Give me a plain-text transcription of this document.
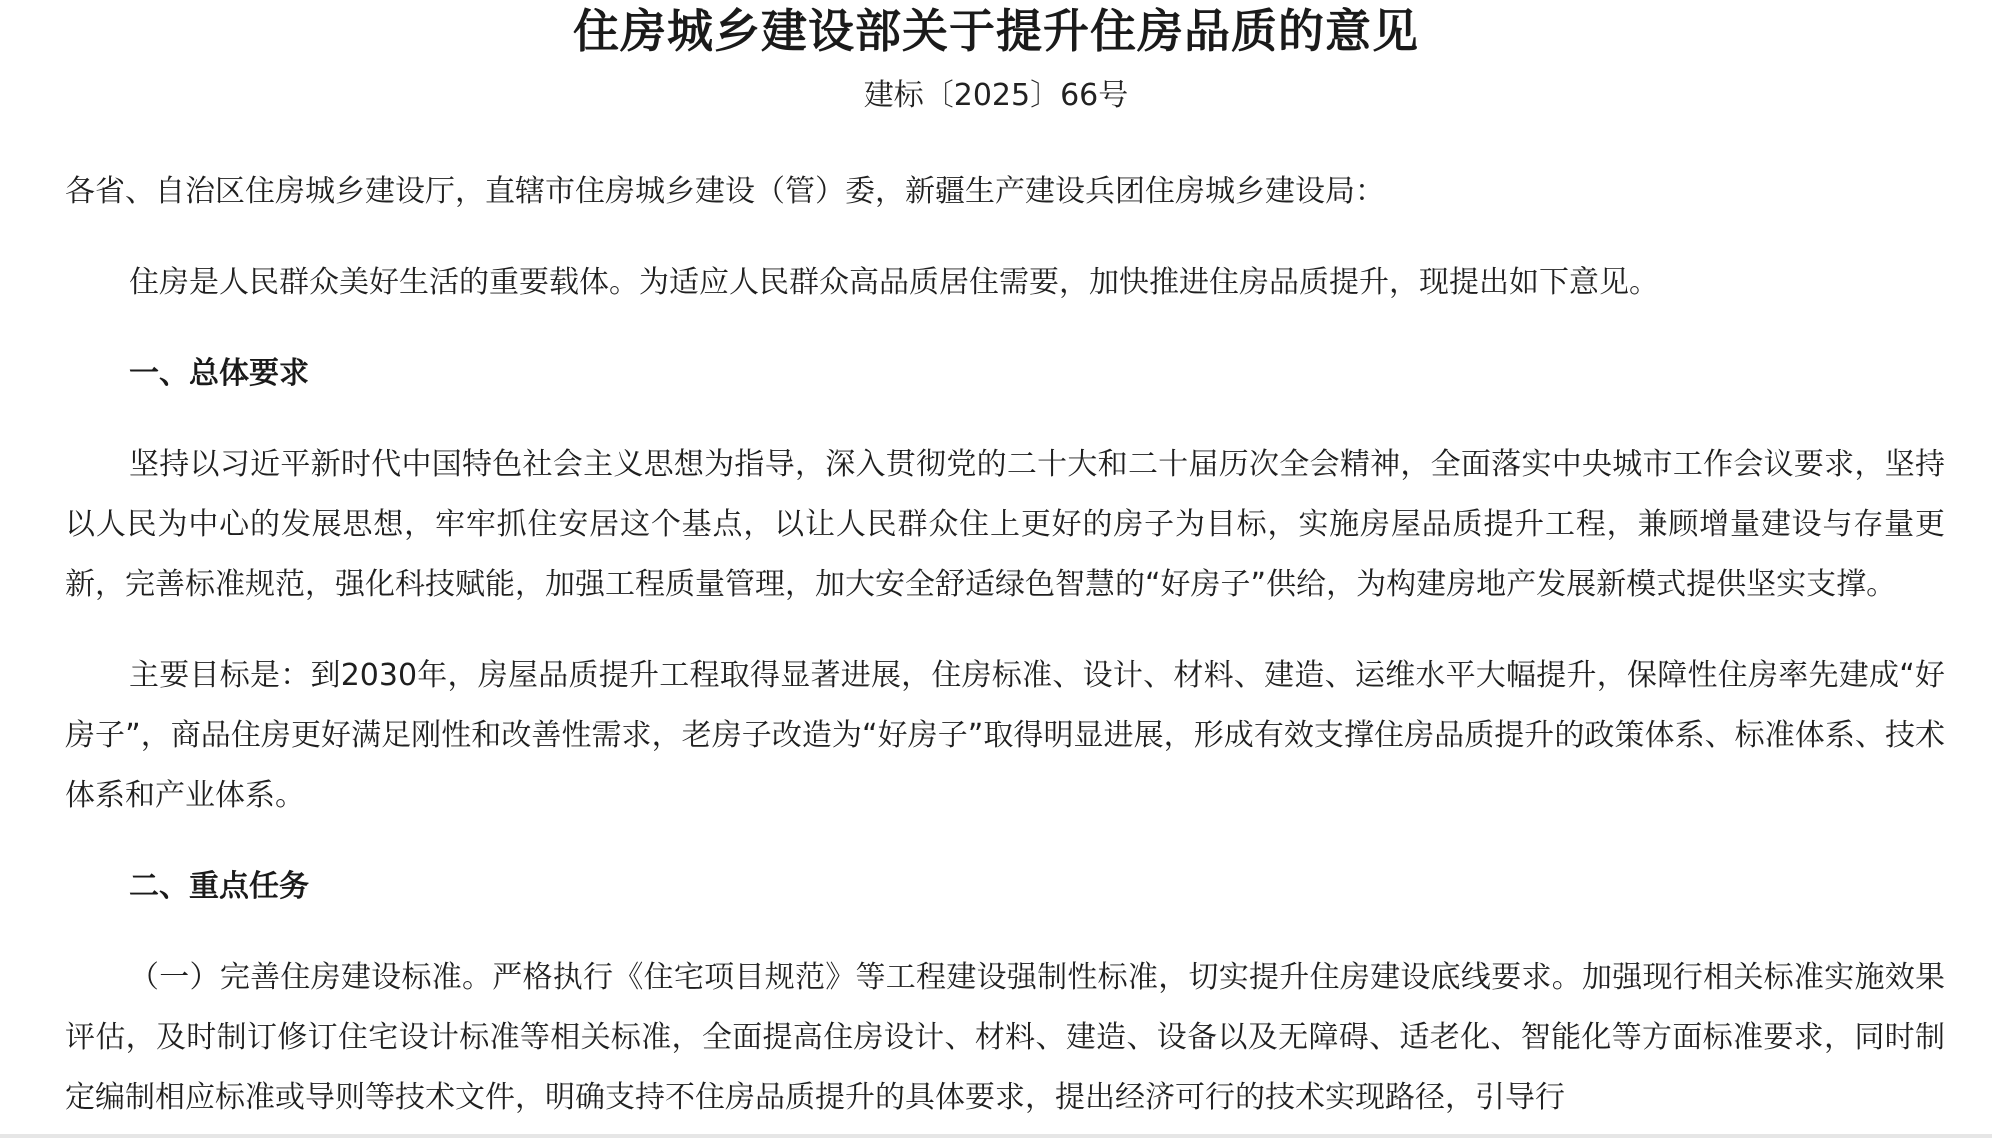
住房城乡建设部关于提升住房品质的意见
建标〔2025〕66号

各省、自治区住房城乡建设厅，直辖市住房城乡建设（管）委，新疆生产建设兵团住房城乡建设局：

住房是人民群众美好生活的重要载体。为适应人民群众高品质居住需要，加快推进住房品质提升，现提出如下意见。

一、总体要求

坚持以习近平新时代中国特色社会主义思想为指导，深入贯彻党的二十大和二十届历次全会精神，全面落实中央城市工作会议要求，坚持以人民为中心的发展思想，牢牢抓住安居这个基点，以让人民群众住上更好的房子为目标，实施房屋品质提升工程，兼顾增量建设与存量更新，完善标准规范，强化科技赋能，加强工程质量管理，加大安全舒适绿色智慧的“好房子”供给，为构建房地产发展新模式提供坚实支撑。

主要目标是：到2030年，房屋品质提升工程取得显著进展，住房标准、设计、材料、建造、运维水平大幅提升，保障性住房率先建成“好房子”，商品住房更好满足刚性和改善性需求，老房子改造为“好房子”取得明显进展，形成有效支撑住房品质提升的政策体系、标准体系、技术体系和产业体系。

二、重点任务

（一）完善住房建设标准。严格执行《住宅项目规范》等工程建设强制性标准，切实提升住房建设底线要求。加强现行相关标准实施效果评估，及时制订修订住宅设计标准等相关标准，全面提高住房设计、材料、建造、设备以及无障碍、适老化、智能化等方面标准要求，同时制定编制相应标准或导则等技术文件，明确支持不住房品质提升的具体要求，提出经济可行的技术实现路径，引导行
